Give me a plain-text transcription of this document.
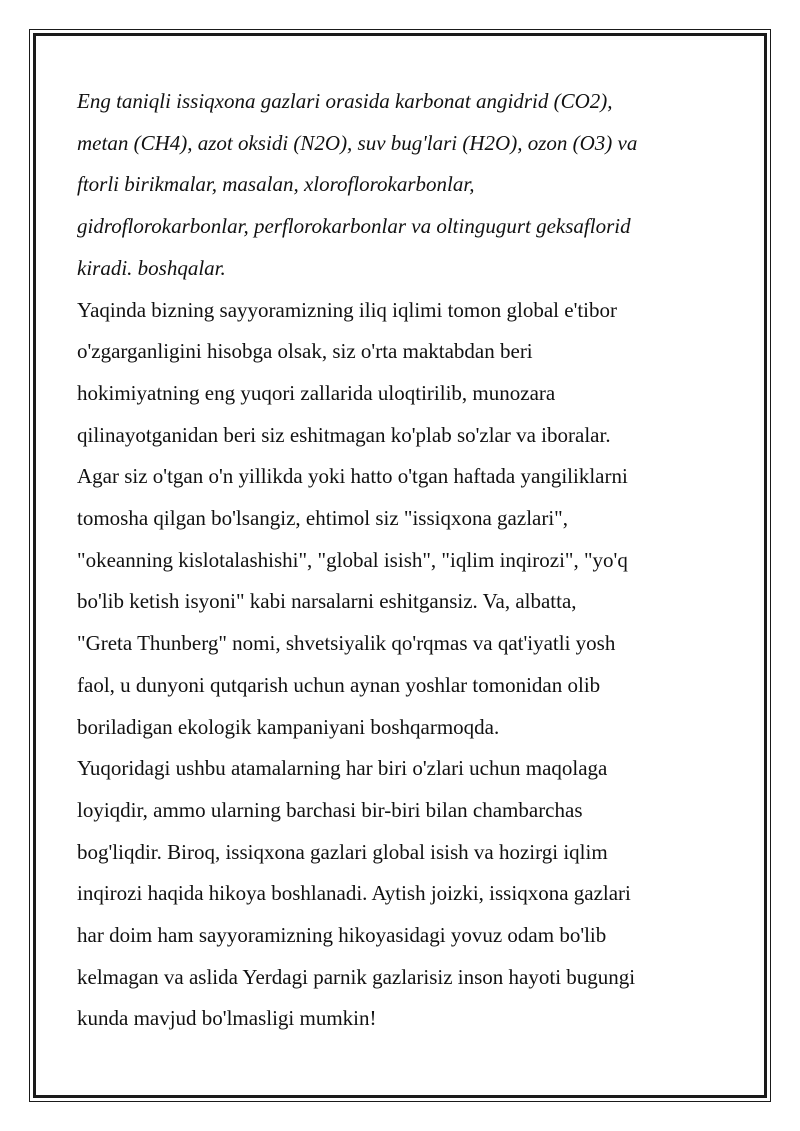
Eng taniqli issiqxona gazlari orasida karbonat angidrid (CO2),
metan (CH4), azot oksidi (N2O), suv bug'lari (H2O), ozon (O3) va
ftorli birikmalar, masalan, xloroflorokarbonlar,
gidroflorokarbonlar, perflorokarbonlar va oltingugurt geksaflorid
kiradi. boshqalar.

Yaqinda bizning sayyoramizning iliq iqlimi tomon global e'tibor
o'zgarganligini hisobga olsak, siz o'rta maktabdan beri
hokimiyatning eng yuqori zallarida uloqtirilib, munozara
qilinayotganidan beri siz eshitmagan ko'plab so'zlar va iboralar.
Agar siz o'tgan o'n yillikda yoki hatto o'tgan haftada yangiliklarni
tomosha qilgan bo'lsangiz, ehtimol siz "issiqxona gazlari",
"okeanning kislotalashishi", "global isish", "iqlim inqirozi", "yo'q
bo'lib ketish isyoni" kabi narsalarni eshitgansiz. Va, albatta,
"Greta Thunberg" nomi, shvetsiyalik qo'rqmas va qat'iyatli yosh
faol, u dunyoni qutqarish uchun aynan yoshlar tomonidan olib
boriladigan ekologik kampaniyani boshqarmoqda.

Yuqoridagi ushbu atamalarning har biri o'zlari uchun maqolaga
loyiqdir, ammo ularning barchasi bir-biri bilan chambarchas
bog'liqdir. Biroq, issiqxona gazlari global isish va hozirgi iqlim
inqirozi haqida hikoya boshlanadi. Aytish joizki, issiqxona gazlari
har doim ham sayyoramizning hikoyasidagi yovuz odam bo'lib
kelmagan va aslida Yerdagi parnik gazlarisiz inson hayoti bugungi
kunda mavjud bo'lmasligi mumkin!
